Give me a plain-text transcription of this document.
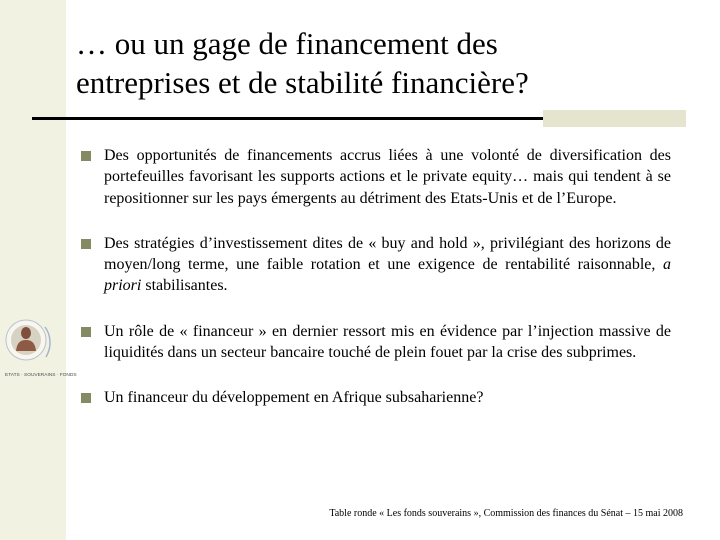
… ou un gage de financement des
entreprises et de stabilité financière?
Des opportunités de financements accrus liées à une volonté de diversification des portefeuilles favorisant les supports actions et le private equity… mais qui tendent à se repositionner sur les pays émergents au détriment des Etats-Unis et de l’Europe.
Des stratégies d’investissement dites de « buy and hold », privilégiant des horizons de moyen/long terme, une faible rotation et une exigence de rentabilité raisonnable, a priori stabilisantes.
Un rôle de « financeur » en dernier ressort mis en évidence par l’injection massive de liquidités dans un secteur bancaire touché de plein fouet par la crise des subprimes.
Un financeur du développement en Afrique subsaharienne?
ETATS · SOUVERAINS · FONDS
Table ronde « Les fonds souverains », Commission des finances du Sénat – 15 mai 2008
